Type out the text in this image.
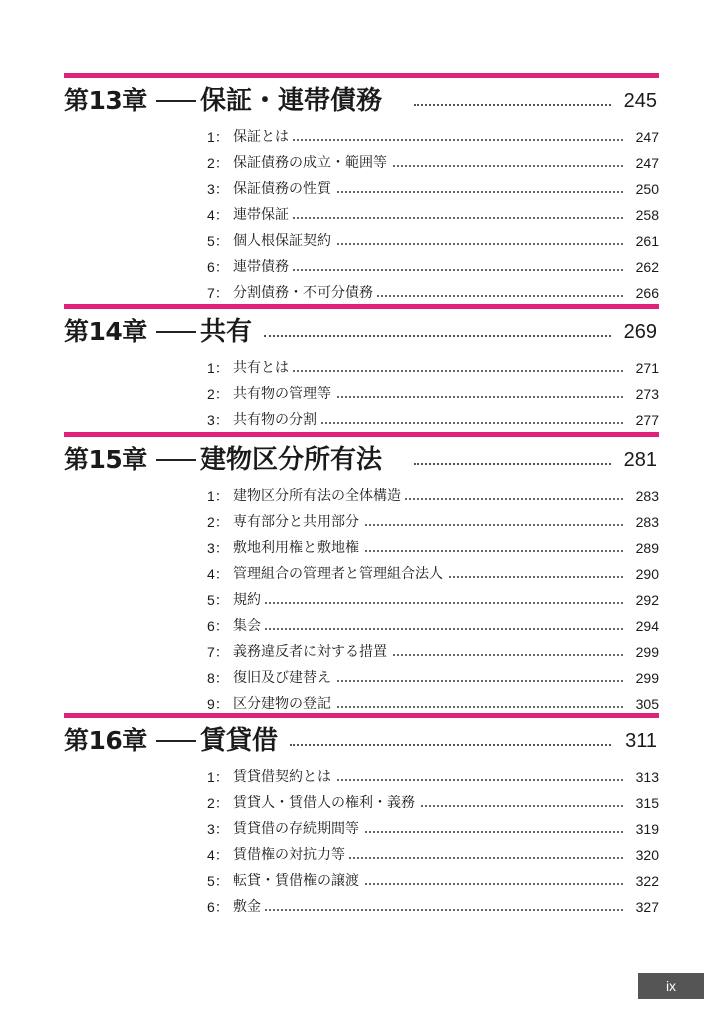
第13章 保証・連帯債務	245
1： 保証とは	247
2： 保証債務の成立・範囲等	247
3： 保証債務の性質	250
4： 連帯保証	258
5： 個人根保証契約	261
6： 連帯債務	262
7： 分割債務・不可分債務	266
第14章 共有	269
1： 共有とは	271
2： 共有物の管理等	273
3： 共有物の分割	277
第15章 建物区分所有法	281
1： 建物区分所有法の全体構造	283
2： 専有部分と共用部分	283
3： 敷地利用権と敷地権	289
4： 管理組合の管理者と管理組合法人	290
5： 規約	292
6： 集会	294
7： 義務違反者に対する措置	299
8： 復旧及び建替え	299
9： 区分建物の登記	305
第16章 賃貸借	311
1： 賃貸借契約とは	313
2： 賃貸人・賃借人の権利・義務	315
3： 賃貸借の存続期間等	319
4： 賃借権の対抗力等	320
5： 転貸・賃借権の譲渡	322
6： 敷金	327
ix
